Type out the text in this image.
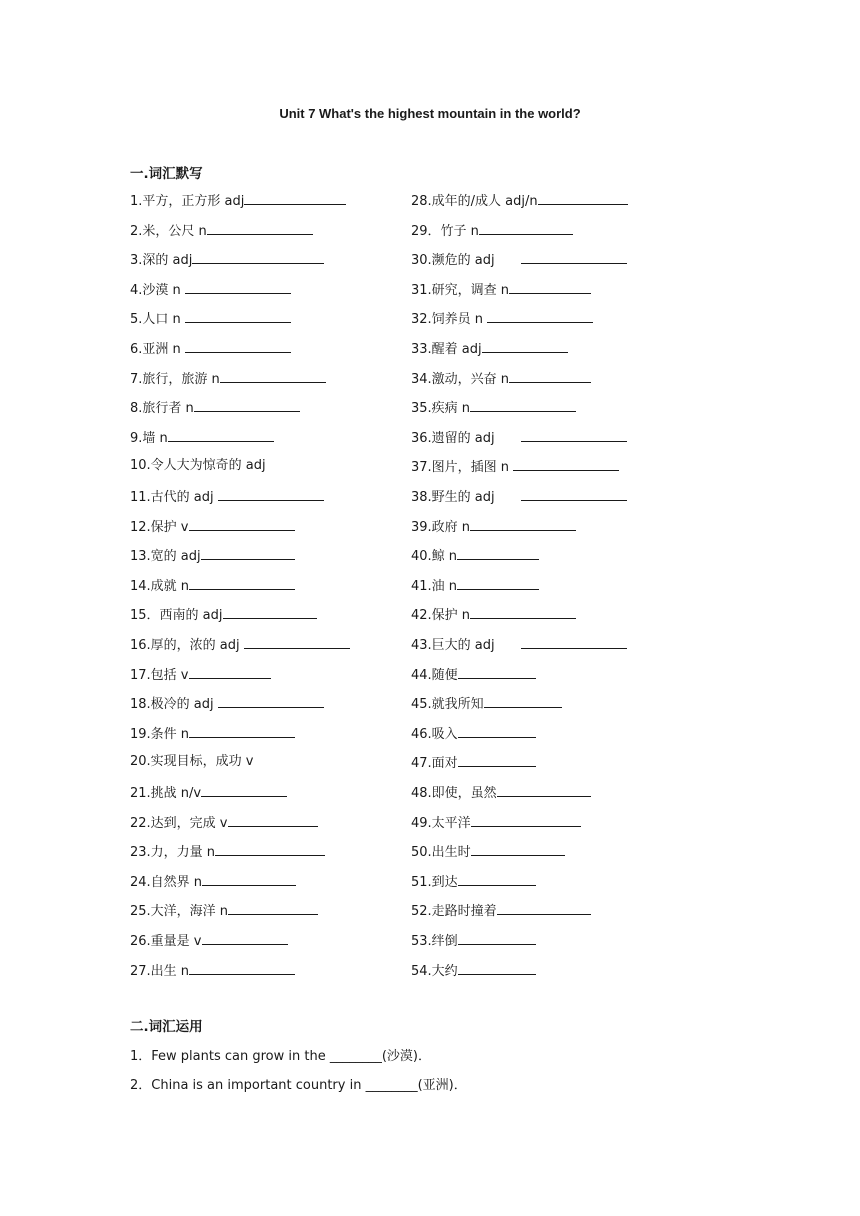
Unit 7 What's the highest mountain in the world?
一.词汇默写
1.平方，正方形 adj	28.成年的/成人 adj/n
2.米，公尺 n	29．竹子 n
3.深的 adj	30.濒危的 adj　　
4.沙漠 n	31.研究，调查 n
5.人口 n	32.饲养员 n
6.亚洲 n	33.醒着 adj
7.旅行，旅游 n	34.激动，兴奋 n
8.旅行者 n	35.疾病 n
9.墙 n	36.遗留的 adj　　
10.令人大为惊奇的 adj	37.图片，插图 n
11.古代的 adj	38.野生的 adj　　
12.保护 v	39.政府 n
13.宽的 adj	40.鲸 n
14.成就 n	41.油 n
15．西南的 adj	42.保护 n
16.厚的，浓的 adj	43.巨大的 adj　　
17.包括 v	44.随便
18.极冷的 adj	45.就我所知
19.条件 n	46.吸入
20.实现目标，成功 v	47.面对
21.挑战 n/v	48.即使，虽然
22.达到，完成 v	49.太平洋
23.力，力量 n	50.出生时
24.自然界 n	51.到达
25.大洋，海洋 n	52.走路时撞着
26.重量是 v	53.绊倒
27.出生 n	54.大约
二.词汇运用
1．Few plants can grow in the ________(沙漠)．
2．China is an important country in ________(亚洲)．
